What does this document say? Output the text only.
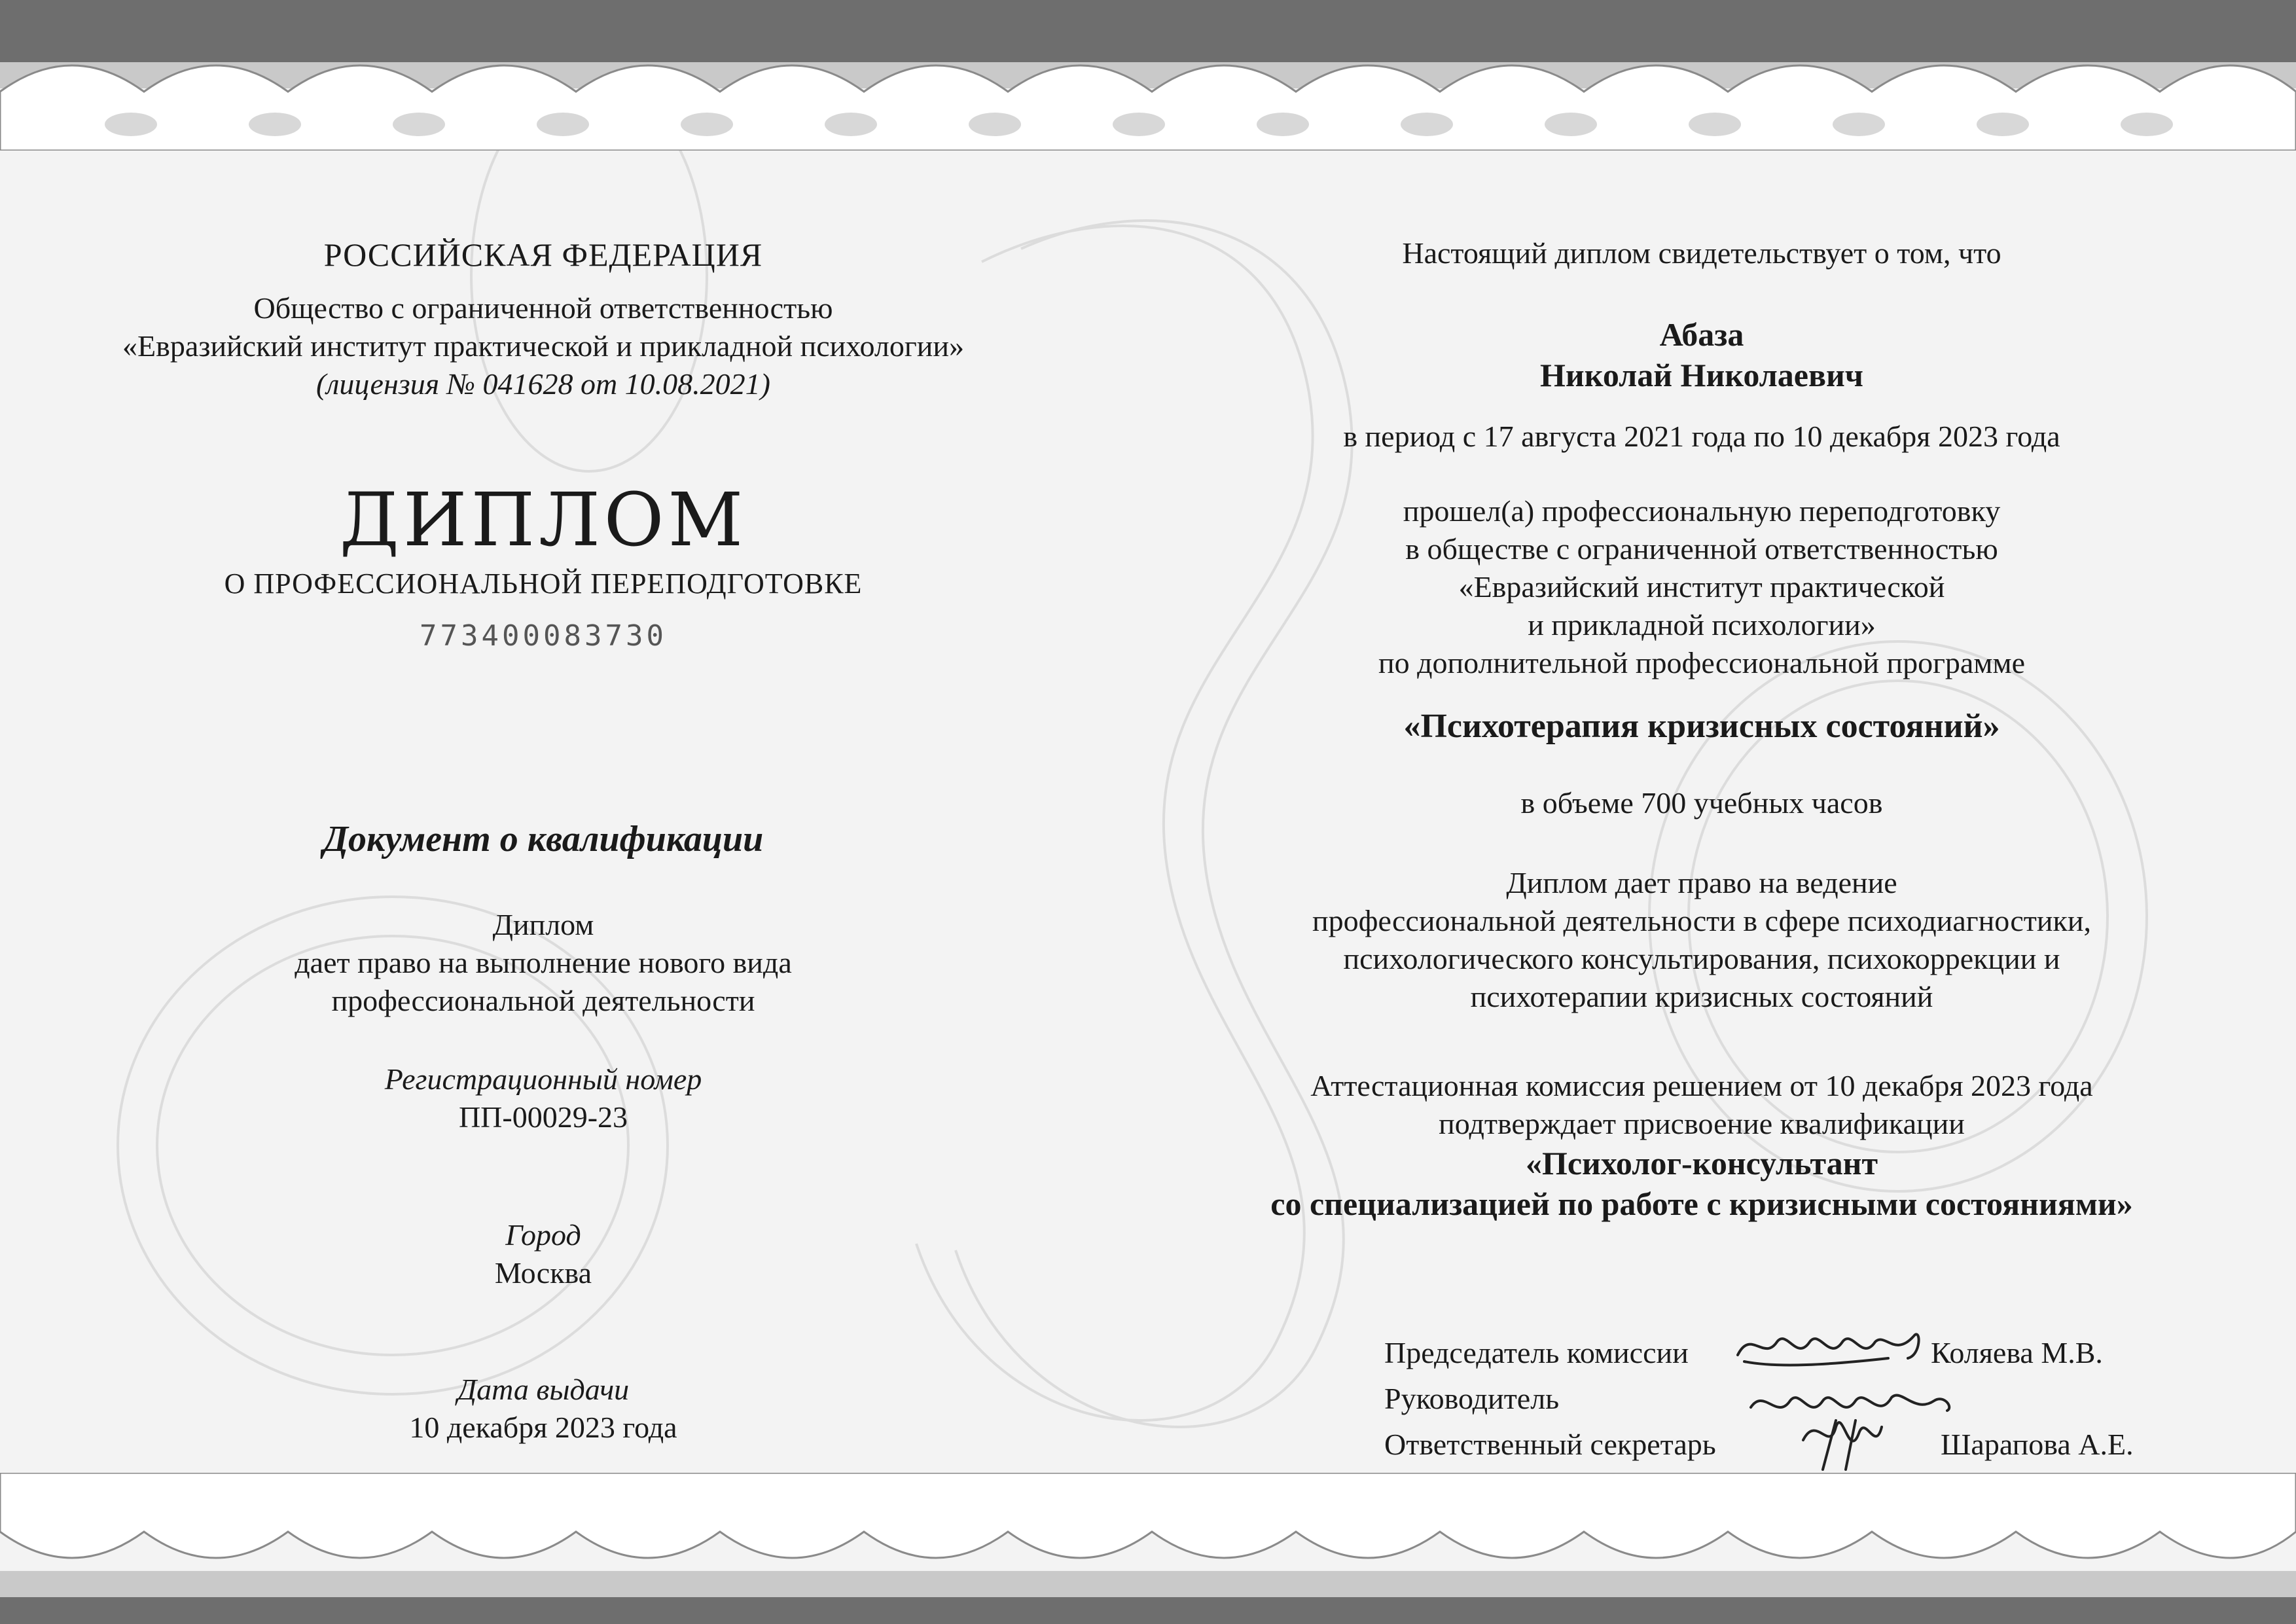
РОССИЙСКАЯ ФЕДЕРАЦИЯ
Общество с ограниченной ответственностью
«Евразийский институт практической и прикладной психологии»
(лицензия № 041628 от 10.08.2021)
ДИПЛОМ
О ПРОФЕССИОНАЛЬНОЙ ПЕРЕПОДГОТОВКЕ
773400083730
Документ о квалификации
Диплом
дает право на выполнение нового вида
профессиональной деятельности
Регистрационный номер
ПП-00029-23
Город
Москва
Дата выдачи
10 декабря 2023 года
Настоящий диплом свидетельствует о том, что
Абаза
Николай Николаевич
в период с 17 августа 2021 года по 10 декабря 2023 года
прошел(а) профессиональную переподготовку
в обществе с ограниченной ответственностью
«Евразийский институт практической
и прикладной психологии»
по дополнительной профессиональной программе
«Психотерапия кризисных состояний»
в объеме 700 учебных часов
Диплом дает право на ведение
профессиональной деятельности в сфере психодиагностики,
психологического консультирования, психокоррекции и
психотерапии кризисных состояний
Аттестационная комиссия решением от 10 декабря 2023 года
подтверждает присвоение квалификации
«Психолог-консультант
со специализацией по работе с кризисными состояниями»
Председатель комиссии	Коляева М.В.
Руководитель
Ответственный секретарь	Шарапова А.Е.
